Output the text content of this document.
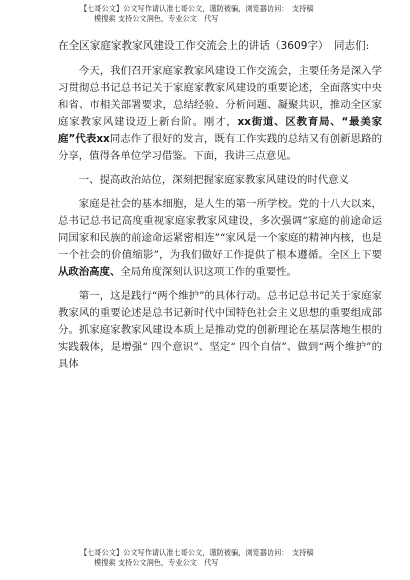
【七哥公文】公文写作请认准七哥公文，谨防被骗，浏览器访问：　支持稿
模搜索 支持公文润色，专业公文　代写
在全区家庭家教家风建设工作交流会上的讲话（3609字）　同志们:

今天，我们召开家庭家教家风建设工作交流会，主要任务是深入学习贯彻总书记总书记关于家庭家教家风建设的重要论述，全面落实中央和省、市相关部署要求，总结经验、分析问题、凝聚共识，推动全区家庭家教家风建设迈上新台阶。刚才，xx街道、区教育局、“最美家庭”代表xx同志作了很好的发言，既有工作实践的总结又有创新思路的分享，值得各单位学习借鉴。下面，我讲三点意见。

一、提高政治站位，深刻把握家庭家教家风建设的时代意义

家庭是社会的基本细胞，是人生的第一所学校。党的十八大以来，总书记总书记高度重视家庭家教家风建设，多次强调“家庭的前途命运同国家和民族的前途命运紧密相连”“家风是一个家庭的精神内核，也是一个社会的价值缩影”，为我们做好工作提供了根本遵循。全区上下要从政治高度、全局角度深刻认识这项工作的重要性。

第一，这是践行“两个维护”的具体行动。总书记总书记关于家庭家教家风的重要论述是总书记新时代中国特色社会主义思想的重要组成部分。抓家庭家教家风建设本质上是推动党的创新理论在基层落地生根的实践载体，是增强“ 四个意识”、坚定“ 四个自信”、做到“两个维护”的具体

【七哥公文】公文写作请认准七哥公文，谨防被骗，浏览器访问：　支持稿
模搜索 支持公文润色，专业公文　代写
